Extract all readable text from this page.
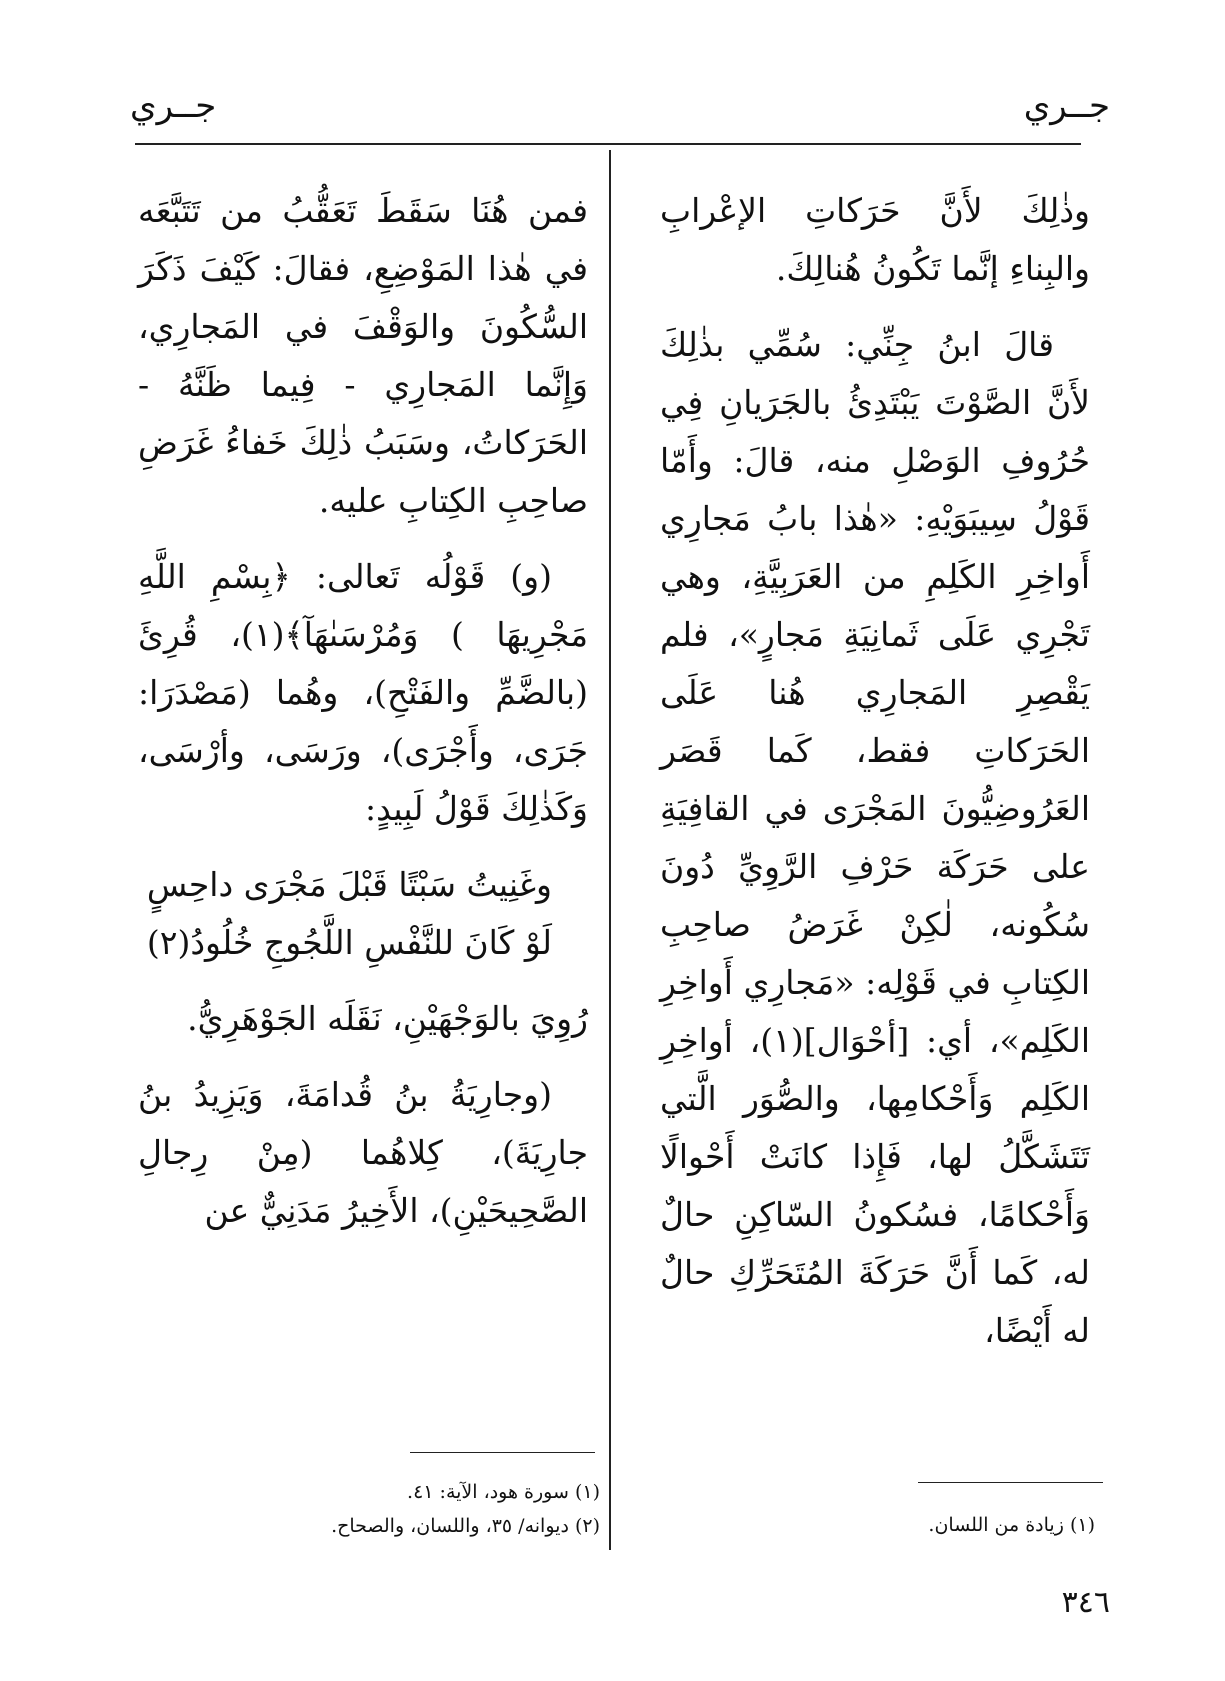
جــري
جــري

وذٰلِكَ لأَنَّ حَرَكاتِ الإعْرابِ والبِناءِ إنَّما تَكُونُ هُنالِكَ.

قالَ ابنُ جِنِّي: سُمِّي بذٰلِكَ لأَنَّ الصَّوْتَ يَبْتَدِئُ بالجَرَيانِ فِي حُرُوفِ الوَصْلِ منه، قالَ: وأَمّا قَوْلُ سِيبَوَيْهِ: «هٰذا بابُ مَجارِي أَواخِرِ الكَلِمِ من العَرَبِيَّةِ، وهي تَجْرِي عَلَى ثَمانِيَةِ مَجارٍ»، فلم يَقْصِرِ المَجارِي هُنا عَلَى الحَرَكاتِ فقط، كَما قَصَر العَرُوضِيُّونَ المَجْرَى في القافِيَةِ على حَرَكَة حَرْفِ الرَّوِيِّ دُونَ سُكُونه، لٰكِنْ غَرَضُ صاحِبِ الكِتابِ في قَوْلِه: «مَجارِي أَواخِرِ الكَلِم»، أي: [أحْوَال](١)، أواخِرِ الكَلِم وَأَحْكامِها، والصُّوَر الَّتي تَتَشَكَّلُ لها، فَإِذا كانَتْ أَحْوالًا وَأَحْكامًا، فسُكونُ السّاكِنِ حالٌ له، كَما أَنَّ حَرَكَةَ المُتَحَرِّكِ حالٌ له أَيْضًا،

فمن هُنَا سَقَطَ تَعَقُّبُ من تَتَبَّعَه في هٰذا المَوْضِعِ، فقالَ: كَيْفَ ذَكَرَ السُّكُونَ والوَقْفَ في المَجارِي، وَإِنَّما المَجارِي - فِيما ظَنَّهُ - الحَرَكاتُ، وسَبَبُ ذٰلِكَ خَفاءُ غَرَضِ صاحِبِ الكِتابِ عليه.

(و) قَوْلُه تَعالى: ﴿بِسْمِ اللَّهِ مَجْرِيهَا ) وَمُرْسَىٰهَآ﴾(١)، قُرِئَ (بالضَّمِّ والفَتْحِ)، وهُما (مَصْدَرَا: جَرَى، وأَجْرَى)، ورَسَى، وأرْسَى، وَكَذٰلِكَ قَوْلُ لَبِيدٍ:

وغَنِيتُ سَبْتًا قَبْلَ مَجْرَى داحِسٍ

لَوْ كَانَ للنَّفْسِ اللَّجُوجِ خُلُودُ(٢)

رُوِيَ بالوَجْهَيْنِ، نَقَلَه الجَوْهَرِيُّ.

(وجارِيَةُ بنُ قُدامَةَ، وَيَزِيدُ بنُ جارِيَةَ)، كِلاهُما (مِنْ رِجالِ الصَّحِيحَيْنِ)، الأَخِيرُ مَدَنِيٌّ عن

(١) زيادة من اللسان.
(١) سورة هود، الآية: ٤١.
(٢) ديوانه/ ٣٥، واللسان، والصحاح.
٣٤٦
